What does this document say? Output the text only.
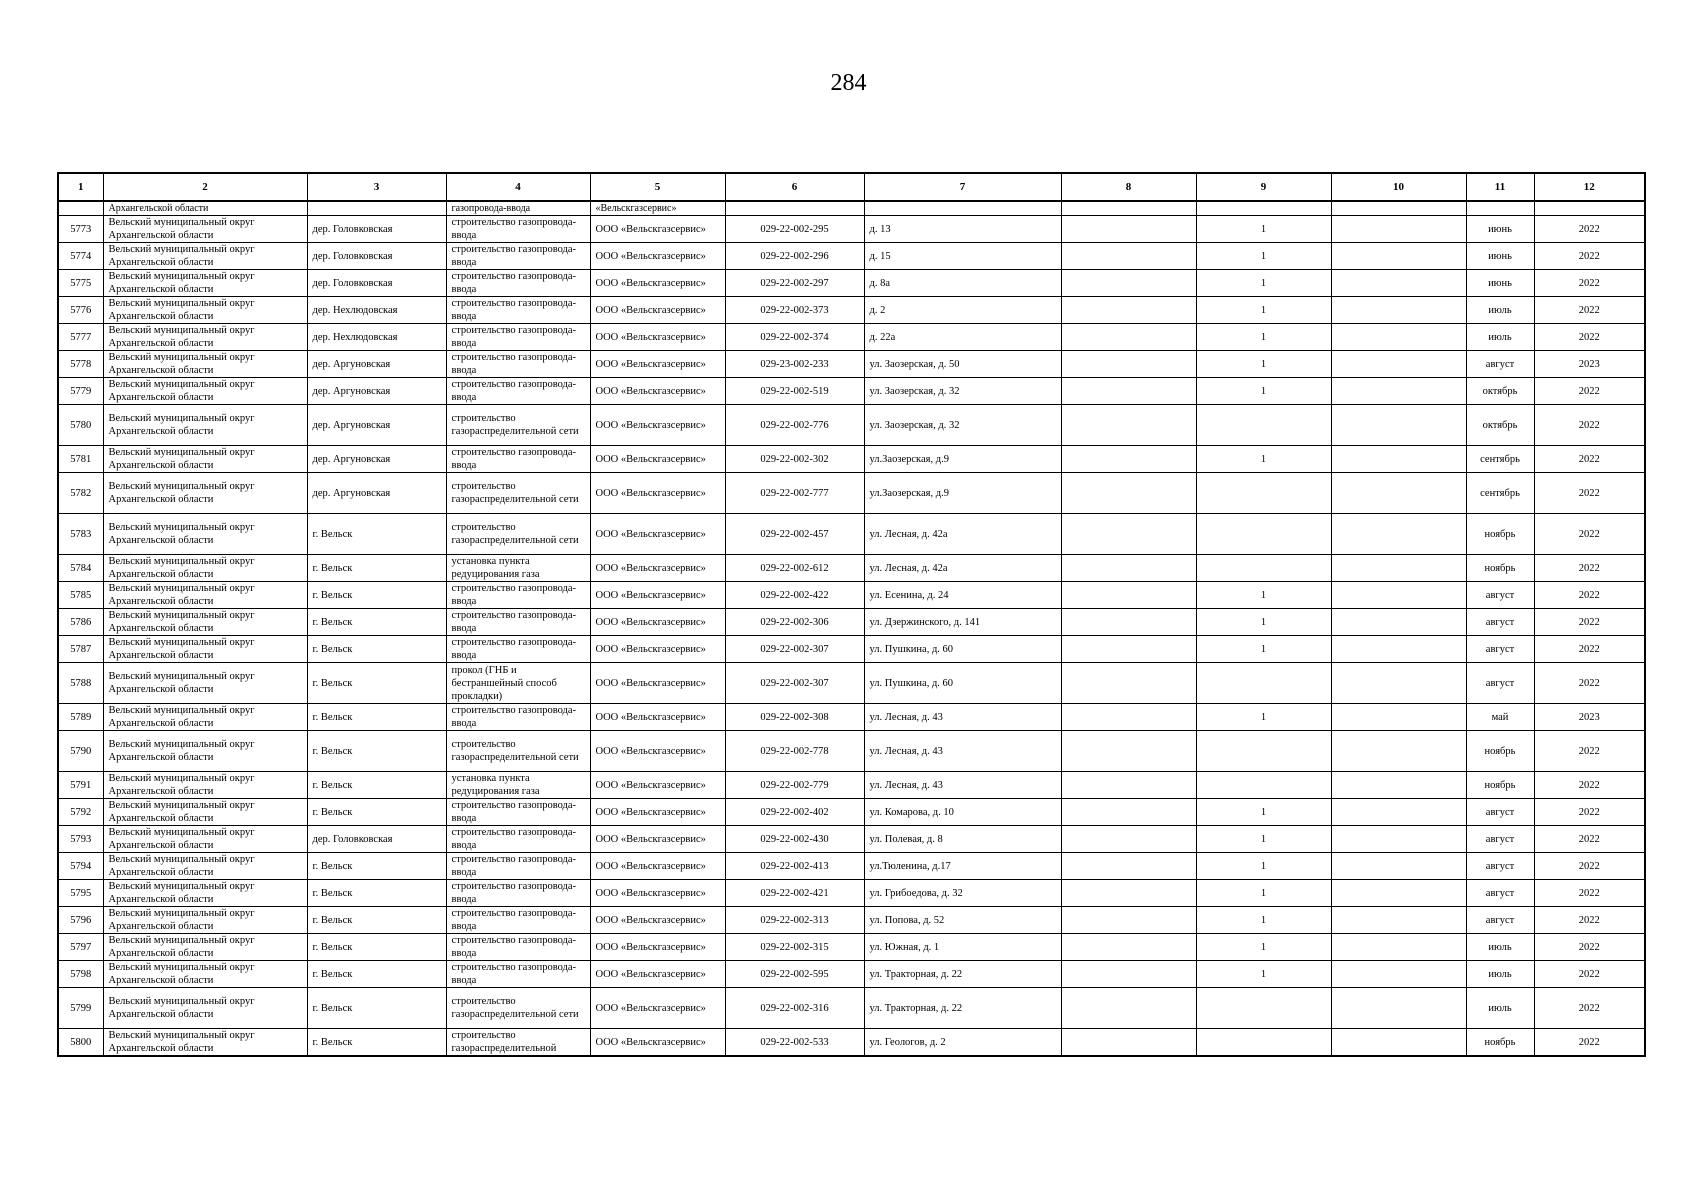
284
1	2	3	4	5	6	7	8	9	10	11	12
	Архангельской области		газопровода-ввода	«Вельскгазсервис»							
5773	Вельский муниципальный округ Архангельской области	дер. Головковская	строительство газопровода-ввода	ООО «Вельскгазсервис»	029-22-002-295	д. 13		1		июнь	2022
5774	Вельский муниципальный округ Архангельской области	дер. Головковская	строительство газопровода-ввода	ООО «Вельскгазсервис»	029-22-002-296	д. 15		1		июнь	2022
5775	Вельский муниципальный округ Архангельской области	дер. Головковская	строительство газопровода-ввода	ООО «Вельскгазсервис»	029-22-002-297	д. 8а		1		июнь	2022
5776	Вельский муниципальный округ Архангельской области	дер. Нехлюдовская	строительство газопровода-ввода	ООО «Вельскгазсервис»	029-22-002-373	д. 2		1		июль	2022
5777	Вельский муниципальный округ Архангельской области	дер. Нехлюдовская	строительство газопровода-ввода	ООО «Вельскгазсервис»	029-22-002-374	д. 22а		1		июль	2022
5778	Вельский муниципальный округ Архангельской области	дер. Аргуновская	строительство газопровода-ввода	ООО «Вельскгазсервис»	029-23-002-233	ул. Заозерская, д. 50		1		август	2023
5779	Вельский муниципальный округ Архангельской области	дер. Аргуновская	строительство газопровода-ввода	ООО «Вельскгазсервис»	029-22-002-519	ул. Заозерская, д. 32		1		октябрь	2022
5780	Вельский муниципальный округ Архангельской области	дер. Аргуновская	строительство газораспределительной сети	ООО «Вельскгазсервис»	029-22-002-776	ул. Заозерская, д. 32				октябрь	2022
5781	Вельский муниципальный округ Архангельской области	дер. Аргуновская	строительство газопровода-ввода	ООО «Вельскгазсервис»	029-22-002-302	ул.Заозерская, д.9		1		сентябрь	2022
5782	Вельский муниципальный округ Архангельской области	дер. Аргуновская	строительство газораспределительной сети	ООО «Вельскгазсервис»	029-22-002-777	ул.Заозерская, д.9				сентябрь	2022
5783	Вельский муниципальный округ Архангельской области	г. Вельск	строительство газораспределительной сети	ООО «Вельскгазсервис»	029-22-002-457	ул. Лесная, д. 42а				ноябрь	2022
5784	Вельский муниципальный округ Архангельской области	г. Вельск	установка пункта редуцирования газа	ООО «Вельскгазсервис»	029-22-002-612	ул. Лесная, д. 42а				ноябрь	2022
5785	Вельский муниципальный округ Архангельской области	г. Вельск	строительство газопровода-ввода	ООО «Вельскгазсервис»	029-22-002-422	ул. Есенина, д. 24		1		август	2022
5786	Вельский муниципальный округ Архангельской области	г. Вельск	строительство газопровода-ввода	ООО «Вельскгазсервис»	029-22-002-306	ул. Дзержинского, д. 141		1		август	2022
5787	Вельский муниципальный округ Архангельской области	г. Вельск	строительство газопровода-ввода	ООО «Вельскгазсервис»	029-22-002-307	ул. Пушкина, д. 60		1		август	2022
5788	Вельский муниципальный округ Архангельской области	г. Вельск	прокол (ГНБ и бестраншейный способ прокладки)	ООО «Вельскгазсервис»	029-22-002-307	ул. Пушкина, д. 60				август	2022
5789	Вельский муниципальный округ Архангельской области	г. Вельск	строительство газопровода-ввода	ООО «Вельскгазсервис»	029-22-002-308	ул. Лесная, д. 43		1		май	2023
5790	Вельский муниципальный округ Архангельской области	г. Вельск	строительство газораспределительной сети	ООО «Вельскгазсервис»	029-22-002-778	ул. Лесная, д. 43				ноябрь	2022
5791	Вельский муниципальный округ Архангельской области	г. Вельск	установка пункта редуцирования газа	ООО «Вельскгазсервис»	029-22-002-779	ул. Лесная, д. 43				ноябрь	2022
5792	Вельский муниципальный округ Архангельской области	г. Вельск	строительство газопровода-ввода	ООО «Вельскгазсервис»	029-22-002-402	ул. Комарова, д. 10		1		август	2022
5793	Вельский муниципальный округ Архангельской области	дер. Головковская	строительство газопровода-ввода	ООО «Вельскгазсервис»	029-22-002-430	ул. Полевая, д. 8		1		август	2022
5794	Вельский муниципальный округ Архангельской области	г. Вельск	строительство газопровода-ввода	ООО «Вельскгазсервис»	029-22-002-413	ул.Тюленина, д.17		1		август	2022
5795	Вельский муниципальный округ Архангельской области	г. Вельск	строительство газопровода-ввода	ООО «Вельскгазсервис»	029-22-002-421	ул. Грибоедова, д. 32		1		август	2022
5796	Вельский муниципальный округ Архангельской области	г. Вельск	строительство газопровода-ввода	ООО «Вельскгазсервис»	029-22-002-313	ул. Попова, д. 52		1		август	2022
5797	Вельский муниципальный округ Архангельской области	г. Вельск	строительство газопровода-ввода	ООО «Вельскгазсервис»	029-22-002-315	ул. Южная, д. 1		1		июль	2022
5798	Вельский муниципальный округ Архангельской области	г. Вельск	строительство газопровода-ввода	ООО «Вельскгазсервис»	029-22-002-595	ул. Тракторная, д. 22		1		июль	2022
5799	Вельский муниципальный округ Архангельской области	г. Вельск	строительство газораспределительной сети	ООО «Вельскгазсервис»	029-22-002-316	ул. Тракторная, д. 22				июль	2022
5800	Вельский муниципальный округ Архангельской области	г. Вельск	строительство газораспределительной	ООО «Вельскгазсервис»	029-22-002-533	ул. Геологов, д. 2				ноябрь	2022
